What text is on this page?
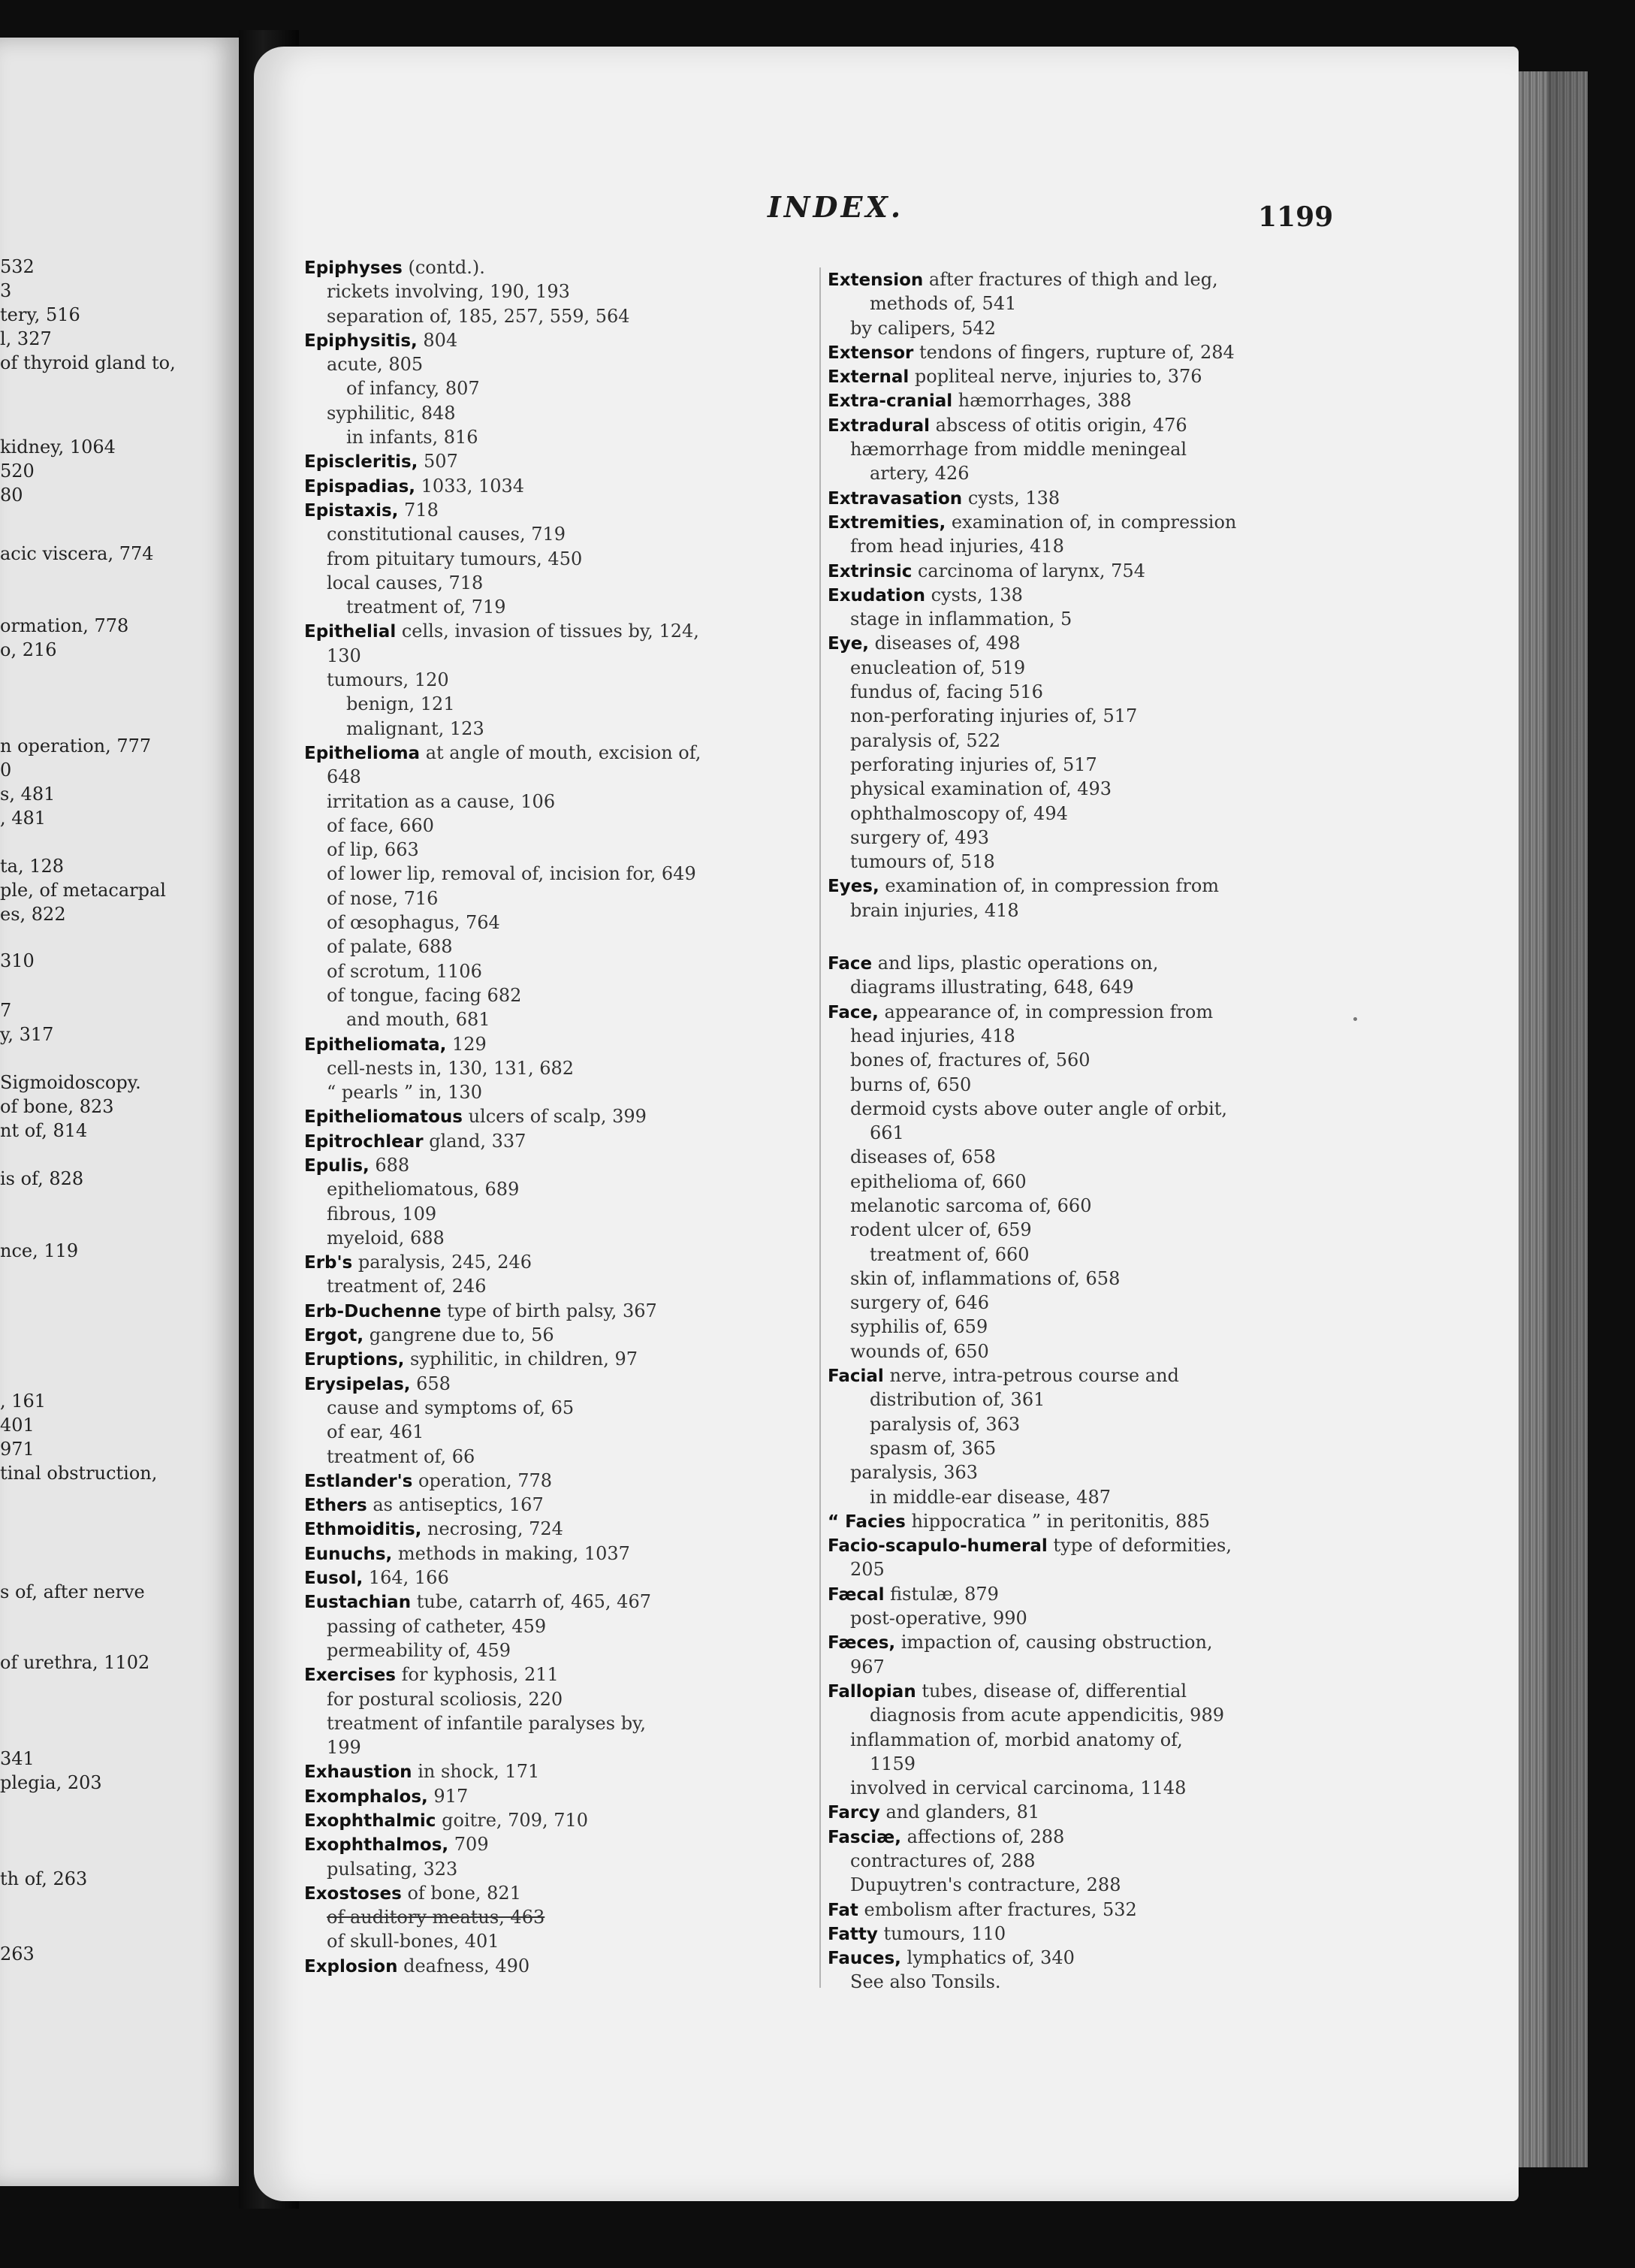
532
3
tery, 516
l, 327
of thyroid gland to,
kidney, 1064
520
80
acic viscera, 774
ormation, 778
o, 216
n operation, 777
0
s, 481
, 481
ta, 128
ple, of metacarpal
es, 822
310
7
y, 317
Sigmoidoscopy.
of bone, 823
nt of, 814
is of, 828
nce, 119
, 161
401
971
tinal obstruction,
s of, after nerve
of urethra, 1102
341
plegia, 203
th of, 263
263
INDEX.	1199
Epiphyses (contd.).
rickets involving, 190, 193
separation of, 185, 257, 559, 564
Epiphysitis, 804
acute, 805
of infancy, 807
syphilitic, 848
in infants, 816
Episcleritis, 507
Epispadias, 1033, 1034
Epistaxis, 718
constitutional causes, 719
from pituitary tumours, 450
local causes, 718
treatment of, 719
Epithelial cells, invasion of tissues by, 124,
130
tumours, 120
benign, 121
malignant, 123
Epithelioma at angle of mouth, excision of,
648
irritation as a cause, 106
of face, 660
of lip, 663
of lower lip, removal of, incision for, 649
of nose, 716
of œsophagus, 764
of palate, 688
of scrotum, 1106
of tongue, facing 682
and mouth, 681
Epitheliomata, 129
cell-nests in, 130, 131, 682
“ pearls ” in, 130
Epitheliomatous ulcers of scalp, 399
Epitrochlear gland, 337
Epulis, 688
epitheliomatous, 689
fibrous, 109
myeloid, 688
Erb's paralysis, 245, 246
treatment of, 246
Erb-Duchenne type of birth palsy, 367
Ergot, gangrene due to, 56
Eruptions, syphilitic, in children, 97
Erysipelas, 658
cause and symptoms of, 65
of ear, 461
treatment of, 66
Estlander's operation, 778
Ethers as antiseptics, 167
Ethmoiditis, necrosing, 724
Eunuchs, methods in making, 1037
Eusol, 164, 166
Eustachian tube, catarrh of, 465, 467
passing of catheter, 459
permeability of, 459
Exercises for kyphosis, 211
for postural scoliosis, 220
treatment of infantile paralyses by,
199
Exhaustion in shock, 171
Exomphalos, 917
Exophthalmic goitre, 709, 710
Exophthalmos, 709
pulsating, 323
Exostoses of bone, 821
of auditory meatus, 463
of skull-bones, 401
Explosion deafness, 490
Extension after fractures of thigh and leg,
methods of, 541
by calipers, 542
Extensor tendons of fingers, rupture of, 284
External popliteal nerve, injuries to, 376
Extra-cranial hæmorrhages, 388
Extradural abscess of otitis origin, 476
hæmorrhage from middle meningeal
artery, 426
Extravasation cysts, 138
Extremities, examination of, in compression
from head injuries, 418
Extrinsic carcinoma of larynx, 754
Exudation cysts, 138
stage in inflammation, 5
Eye, diseases of, 498
enucleation of, 519
fundus of, facing 516
non-perforating injuries of, 517
paralysis of, 522
perforating injuries of, 517
physical examination of, 493
ophthalmoscopy of, 494
surgery of, 493
tumours of, 518
Eyes, examination of, in compression from
brain injuries, 418
Face and lips, plastic operations on,
diagrams illustrating, 648, 649
Face, appearance of, in compression from
head injuries, 418
bones of, fractures of, 560
burns of, 650
dermoid cysts above outer angle of orbit,
661
diseases of, 658
epithelioma of, 660
melanotic sarcoma of, 660
rodent ulcer of, 659
treatment of, 660
skin of, inflammations of, 658
surgery of, 646
syphilis of, 659
wounds of, 650
Facial nerve, intra-petrous course and
distribution of, 361
paralysis of, 363
spasm of, 365
paralysis, 363
in middle-ear disease, 487
“ Facies hippocratica ” in peritonitis, 885
Facio-scapulo-humeral type of deformities,
205
Fæcal fistulæ, 879
post-operative, 990
Fæces, impaction of, causing obstruction,
967
Fallopian tubes, disease of, differential
diagnosis from acute appendicitis, 989
inflammation of, morbid anatomy of,
1159
involved in cervical carcinoma, 1148
Farcy and glanders, 81
Fasciæ, affections of, 288
contractures of, 288
Dupuytren's contracture, 288
Fat embolism after fractures, 532
Fatty tumours, 110
Fauces, lymphatics of, 340
See also Tonsils.
